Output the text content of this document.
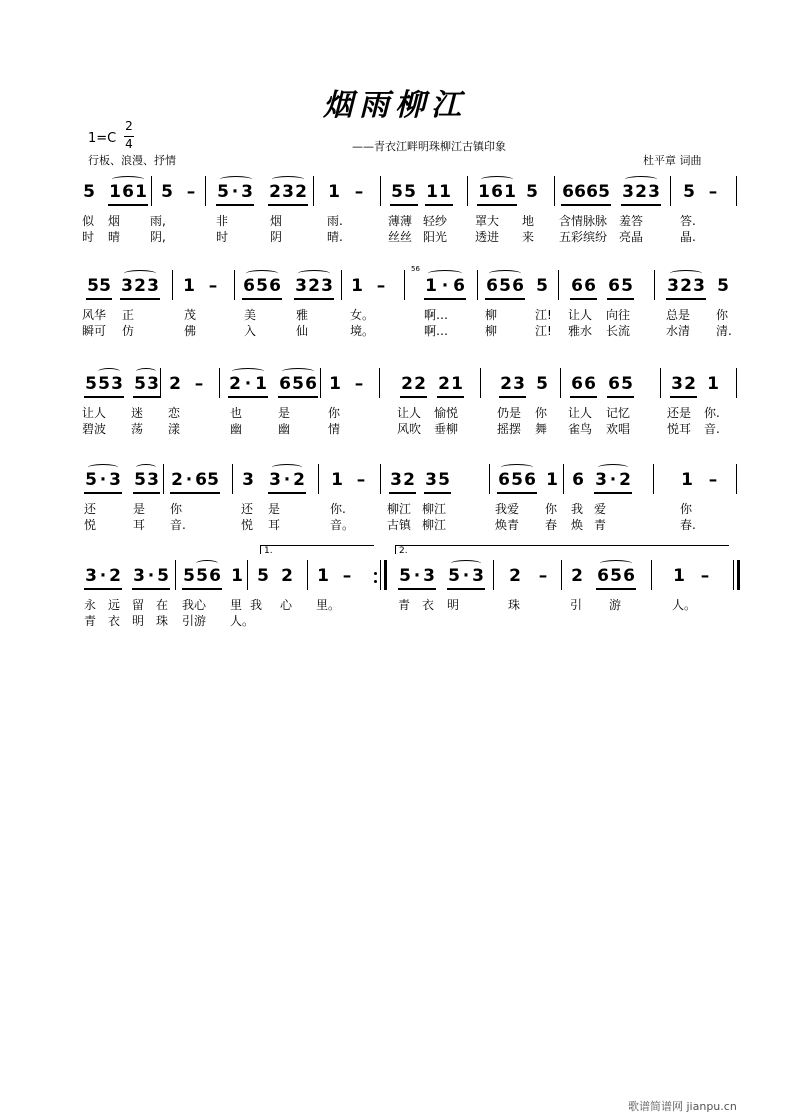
烟雨柳江
1=C
2
4	——青衣江畔明珠柳江古镇印象
行板、浪漫、抒情	杜平章 词曲
5 1 6 1 5 – 5 · 3 2 3 2 1 – 5 5 1 1 1 6 1 5 6 6 6 5 3 2 3 5 –
似 烟 雨,	非	烟	雨.	薄薄 轻纱 罩大 地 含情脉脉 羞答	答.
时 晴 阴,	时	阴	晴.	丝丝 阳光 透进 来 五彩缤纷 亮晶	晶.
5 5 3 2 3 1 – 6 5 6 3 2 3 1 –
56
1 · 6 6 5 6 5 6 6 6 5 3 2 3 5
风华 正	茂	美	雅	女。	啊…	柳	江! 让人 向往	总是 你
瞬可 仿	佛	入	仙	境。	啊…	柳	江! 雅水 长流	水清 清.
5 5 3 5 3 2 – 2 · 1 6 5 6 1 – 2 2 2 1 2 3 5 6 6 6 5 3 2 1
让人 迷 恋	也	是	你	让人 愉悦	仍是 你 让人 记忆	还是 你.
碧波 荡 漾	幽	幽	情	风吹 垂柳	摇摆 舞 雀鸟 欢唱	悦耳 音.
5 · 3 5 3 2 · 6 5 3 3 · 2 1 – 3 2 3 5	6 5 6 1 6 3 · 2	1 –
还	是 你	还 是	你.	柳江 柳江	我爱 你 我 爱	你
悦	耳 音.	悦 耳	音。	古镇 柳江	焕青 春 焕 青	春.
1.	2.
3 · 2 3 · 5 5 5 6 1 5 2 1 –	5 · 3 5 · 3 2 – 2 6 5 6 1 –
永 远 留 在 我心 里 我 心 里。	青 衣 明	珠	引 游	人。
青 衣 明 珠 引游 人。
歌谱简谱网 jianpu.cn
